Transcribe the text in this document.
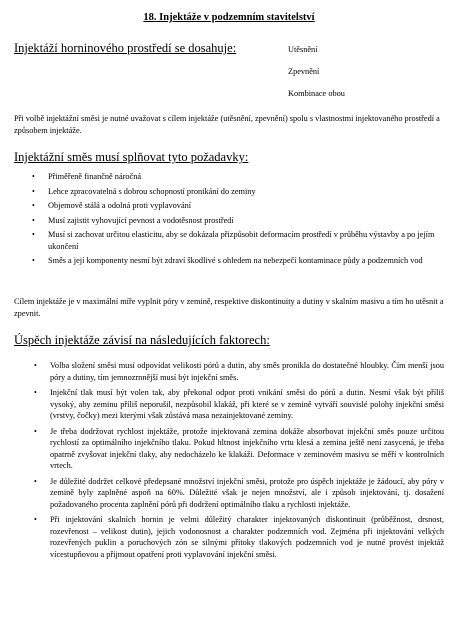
18. Injektáže v podzemním stavitelství
Injektáží horninového prostředí se dosahuje:	Utěsnění
Zpevnění
Kombinace obou
Při volbě injektážní směsi je nutné uvažovat s cílem injektáže (utěsnění, zpevnění) spolu s vlastnostmi injektovaného prostředí a způsobem injektáže.
Injektážní směs musí splňovat tyto požadavky:
• Přiměřeně finančně náročná
• Lehce zpracovatelná s dobrou schopností pronikání do zeminy
• Objemově stálá a odolná proti vyplavování
• Musí zajistit vyhovující pevnost a vodotěsnost prostředí
• Musí si zachovat určitou elasticitu, aby se dokázala přizpůsobit deformacím prostředí v průběhu výstavby a po jejím ukončení
• Směs a její komponenty nesmí být zdraví škodlivé s ohledem na nebezpečí kontaminace půdy a podzemních vod
Cílem injektáže je v maximální míře vyplnit póry v zemině, respektive diskontinuity a dutiny v skalním masivu a tím ho utěsnit a zpevnit.
Úspěch injektáže závisí na následujících faktorech:
• Volba složení směsi musí odpovídat velikosti pórů a dutin, aby směs pronikla do dostatečné hloubky. Čím menší jsou póry a dutiny, tím jemnozrnnější musí být injekční směs.
• Injekční tlak musí být volen tak, aby překonal odpor proti vnikání směsi do pórů a dutin. Nesmí však být příliš vysoký, aby zeminu příliš neporušil, nezpůsobil klakáž, při které se v zemině vytváří souvislé polohy injekční směsi (vrstvy, čočky) mezi kterými však zůstává masa nezainjektované zeminy.
• Je třeba dodržovat rychlost injektáže, protože injektovaná zemina dokáže absorbovat injekční směs pouze určitou rychlostí za optimálního injekčního tlaku. Pokud hltnost injekčního vrtu klesá a zemina ještě není zasycená, je třeba opatrně zvyšovat injekční tlaky, aby nedocházelo ke klakáži. Deformace v zeminovém masivu se měří v kontrolních vrtech.
• Je důležité dodržet celkové předepsané množství injekční směsi, protože pro úspěch injektáže je žádoucí, aby póry v zemině byly zaplněné aspoň na 60%. Důležité však je nejen množství, ale i způsob injektování, tj. dosažení požadovaného procenta zaplnění pórů při dodržení optimálního tlaku a rychlosti injektáže.
• Při injektování skalních hornin je velmi důležitý charakter injektovaných diskontinuit (průběžnost, drsnost, rozevřenost – velikost dutin), jejich vodonosnost a charakter podzemních vod. Zejména při injektování velkých rozevřených puklin a poruchových zón se silnými přítoky tlakových podzemních vod je nutné provést injektáž vícestupňovou a přijmout opatření proti vyplavování injekční směsi.
